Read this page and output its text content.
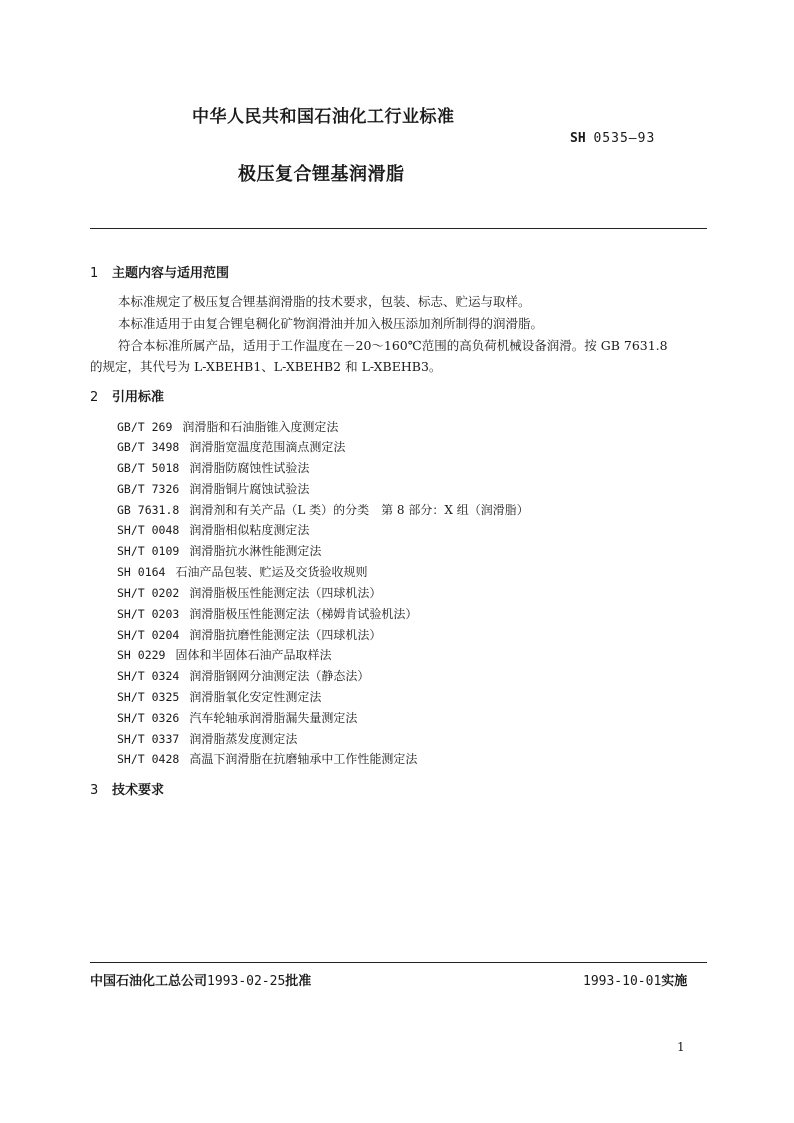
中华人民共和国石油化工行业标准
SH 0535—93
极压复合锂基润滑脂
1 主题内容与适用范围
本标准规定了极压复合锂基润滑脂的技术要求，包装、标志、贮运与取样。
本标准适用于由复合锂皂稠化矿物润滑油并加入极压添加剂所制得的润滑脂。
符合本标准所属产品，适用于工作温度在－20～160℃范围的高负荷机械设备润滑。按 GB 7631.8
的规定，其代号为 L-XBEHB1、L-XBEHB2 和 L-XBEHB3。
2 引用标准
GB/T 269 润滑脂和石油脂锥入度测定法
GB/T 3498 润滑脂宽温度范围滴点测定法
GB/T 5018 润滑脂防腐蚀性试验法
GB/T 7326 润滑脂铜片腐蚀试验法
GB 7631.8 润滑剂和有关产品（L 类）的分类　第 8 部分：X 组（润滑脂）
SH/T 0048 润滑脂相似粘度测定法
SH/T 0109 润滑脂抗水淋性能测定法
SH 0164 石油产品包装、贮运及交货验收规则
SH/T 0202 润滑脂极压性能测定法（四球机法）
SH/T 0203 润滑脂极压性能测定法（梯姆肯试验机法）
SH/T 0204 润滑脂抗磨性能测定法（四球机法）
SH 0229 固体和半固体石油产品取样法
SH/T 0324 润滑脂钢网分油测定法（静态法）
SH/T 0325 润滑脂氧化安定性测定法
SH/T 0326 汽车轮轴承润滑脂漏失量测定法
SH/T 0337 润滑脂蒸发度测定法
SH/T 0428 高温下润滑脂在抗磨轴承中工作性能测定法
3 技术要求
中国石油化工总公司1993-02-25批准	1993-10-01实施
1
